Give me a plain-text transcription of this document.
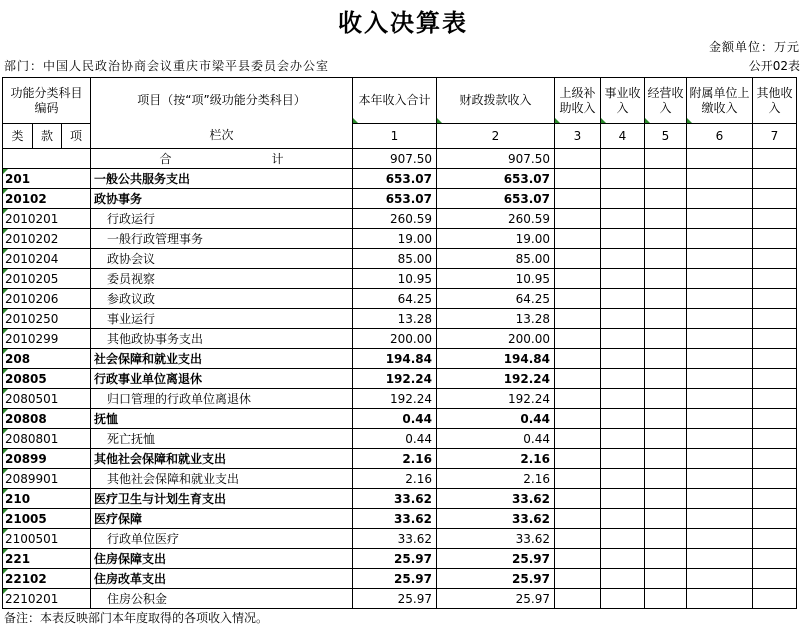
收入决算表
金额单位：万元
部门：中国人民政治协商会议重庆市梁平县委员会办公室	公开02表
功能分类科目编码			项目（按“项”级功能分类科目）	本年收入合计	财政拨款收入	上级补助收入	事业收入	经营收入	附属单位上缴收入	其他收入
类	款	项	栏次	1	2	3	4	5	6	7
			合 计	907.50	907.50					
201			一般公共服务支出	653.07	653.07					
20102			政协事务	653.07	653.07					
2010201			行政运行	260.59	260.59					
2010202			一般行政管理事务	19.00	19.00					
2010204			政协会议	85.00	85.00					
2010205			委员视察	10.95	10.95					
2010206			参政议政	64.25	64.25					
2010250			事业运行	13.28	13.28					
2010299			其他政协事务支出	200.00	200.00					
208			社会保障和就业支出	194.84	194.84					
20805			行政事业单位离退休	192.24	192.24					
2080501			归口管理的行政单位离退休	192.24	192.24					
20808			抚恤	0.44	0.44					
2080801			死亡抚恤	0.44	0.44					
20899			其他社会保障和就业支出	2.16	2.16					
2089901			其他社会保障和就业支出	2.16	2.16					
210			医疗卫生与计划生育支出	33.62	33.62					
21005			医疗保障	33.62	33.62					
2100501			行政单位医疗	33.62	33.62					
221			住房保障支出	25.97	25.97					
22102			住房改革支出	25.97	25.97					
2210201			住房公积金	25.97	25.97					
备注：本表反映部门本年度取得的各项收入情况。
